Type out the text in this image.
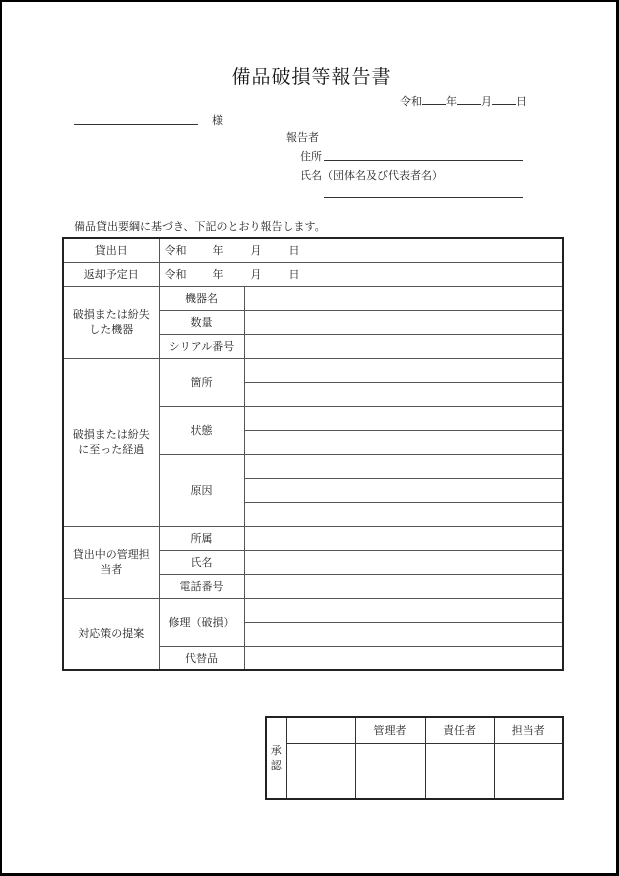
備品破損等報告書
令和 年 月 日
様
報告者
住所
氏名（団体名及び代表者名）
備品貸出要綱に基づき、下記のとおり報告します。
貸出日	令和 年 月 日	
返却予定日	令和 年 月 日	

破損または紛失
した機器	機器名	
	数量	
	シリアル番号	

破損または紛失
に至った経過	箇所	

	状態	

	原因	

貸出中の管理担
当者	所属	
	氏名	
	電話番号	
対応策の提案	修理（破損）	

	代替品	
承
認		管理者	責任者	担当者
